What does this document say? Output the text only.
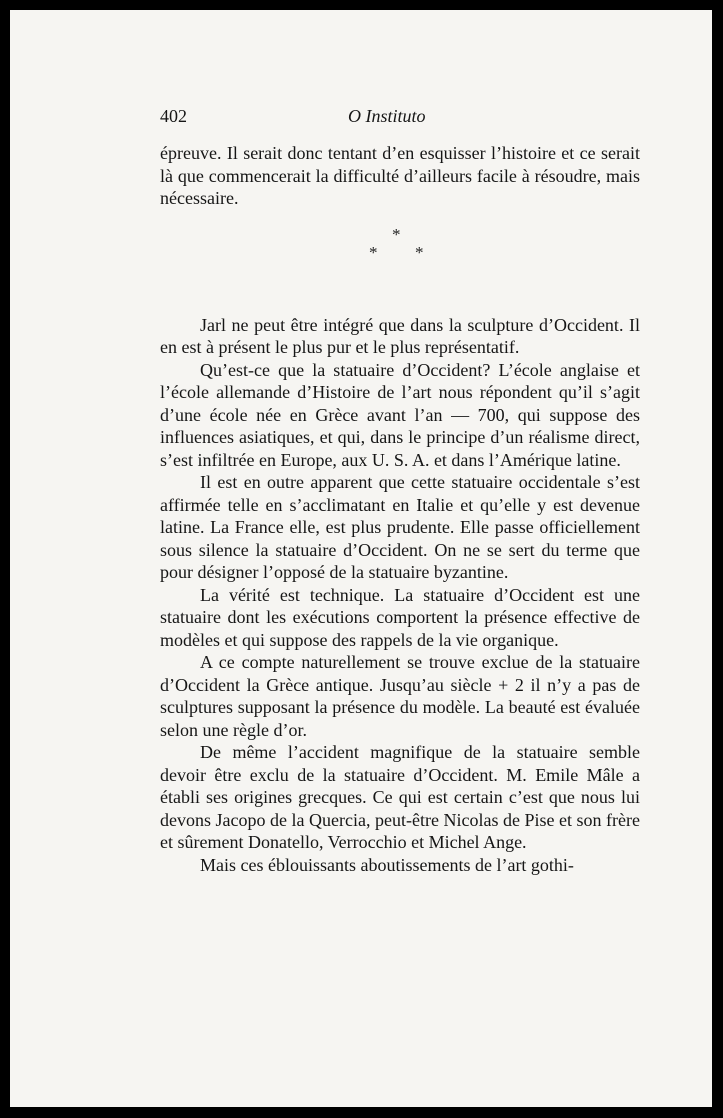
402	O Instituto

épreuve. Il serait donc tentant d’en esquisser l’histoire et ce serait là que commencerait la difficulté d’ailleurs facile à résoudre, mais nécessaire.

*
* *

Jarl ne peut être intégré que dans la sculpture d’Occident. Il en est à présent le plus pur et le plus représentatif.

Qu’est-ce que la statuaire d’Occident? L’école anglaise et l’école allemande d’Histoire de l’art nous répondent qu’il s’agit d’une école née en Grèce avant l’an — 700, qui suppose des influences asiatiques, et qui, dans le principe d’un réalisme direct, s’est infiltrée en Europe, aux U. S. A. et dans l’Amérique latine.

Il est en outre apparent que cette statuaire occidentale s’est affirmée telle en s’acclimatant en Italie et qu’elle y est devenue latine. La France elle, est plus prudente. Elle passe officiellement sous silence la statuaire d’Occident. On ne se sert du terme que pour désigner l’opposé de la statuaire byzantine.

La vérité est technique. La statuaire d’Occident est une statuaire dont les exécutions comportent la présence effective de modèles et qui suppose des rappels de la vie organique.

A ce compte naturellement se trouve exclue de la statuaire d’Occident la Grèce antique. Jusqu’au siècle + 2 il n’y a pas de sculptures supposant la présence du modèle. La beauté est évaluée selon une règle d’or.

De même l’accident magnifique de la statuaire semble devoir être exclu de la statuaire d’Occident. M. Emile Mâle a établi ses origines grecques. Ce qui est certain c’est que nous lui devons Jacopo de la Quercia, peut-être Nicolas de Pise et son frère et sûrement Donatello, Verrocchio et Michel Ange.

Mais ces éblouissants aboutissements de l’art gothi-
